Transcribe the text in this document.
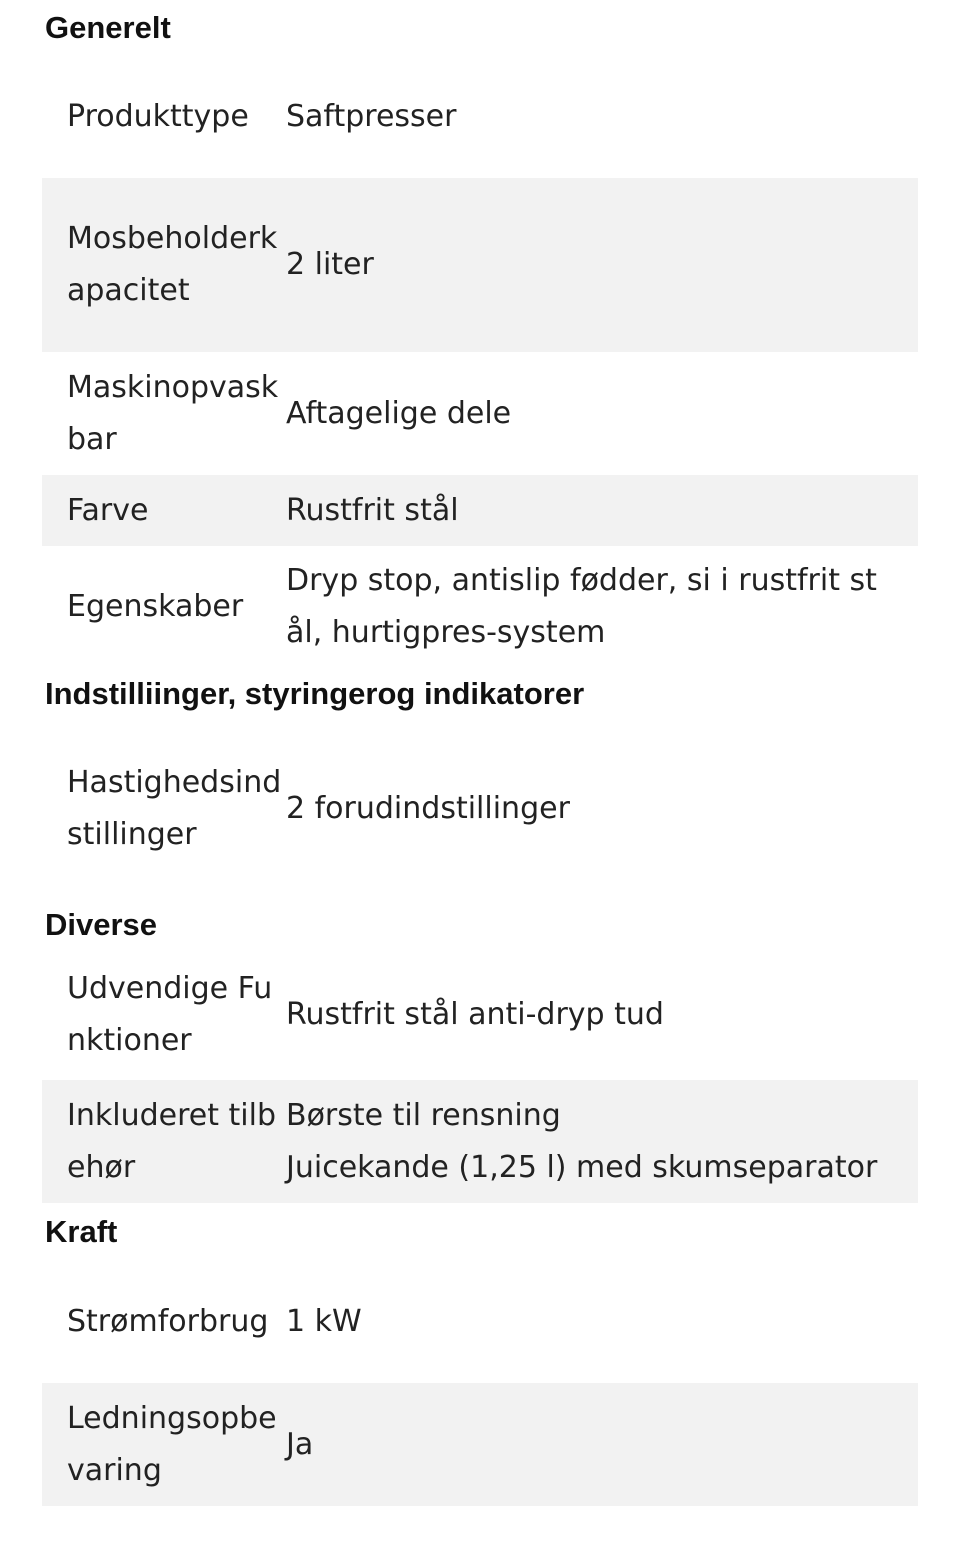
Generelt
Produkttype	Saftpresser
Mosbeholderkapacitet
2 liter
Maskinopvaskbar
Aftagelige dele
Farve	Rustfrit stål
Egenskaber
Dryp stop, antislip fødder, si i rustfrit stål, hurtigpres-system
Indstilliinger, styringerog indikatorer
Hastighedsindstillinger
2 forudindstillinger
Diverse
Udvendige Funktioner
Rustfrit stål anti-dryp tud
Inkluderet tilbehør
Børste til rensning
Juicekande (1,25 l) med skumseparator
Kraft
Strømforbrug 1 kW
Ledningsopbevaring
Ja
